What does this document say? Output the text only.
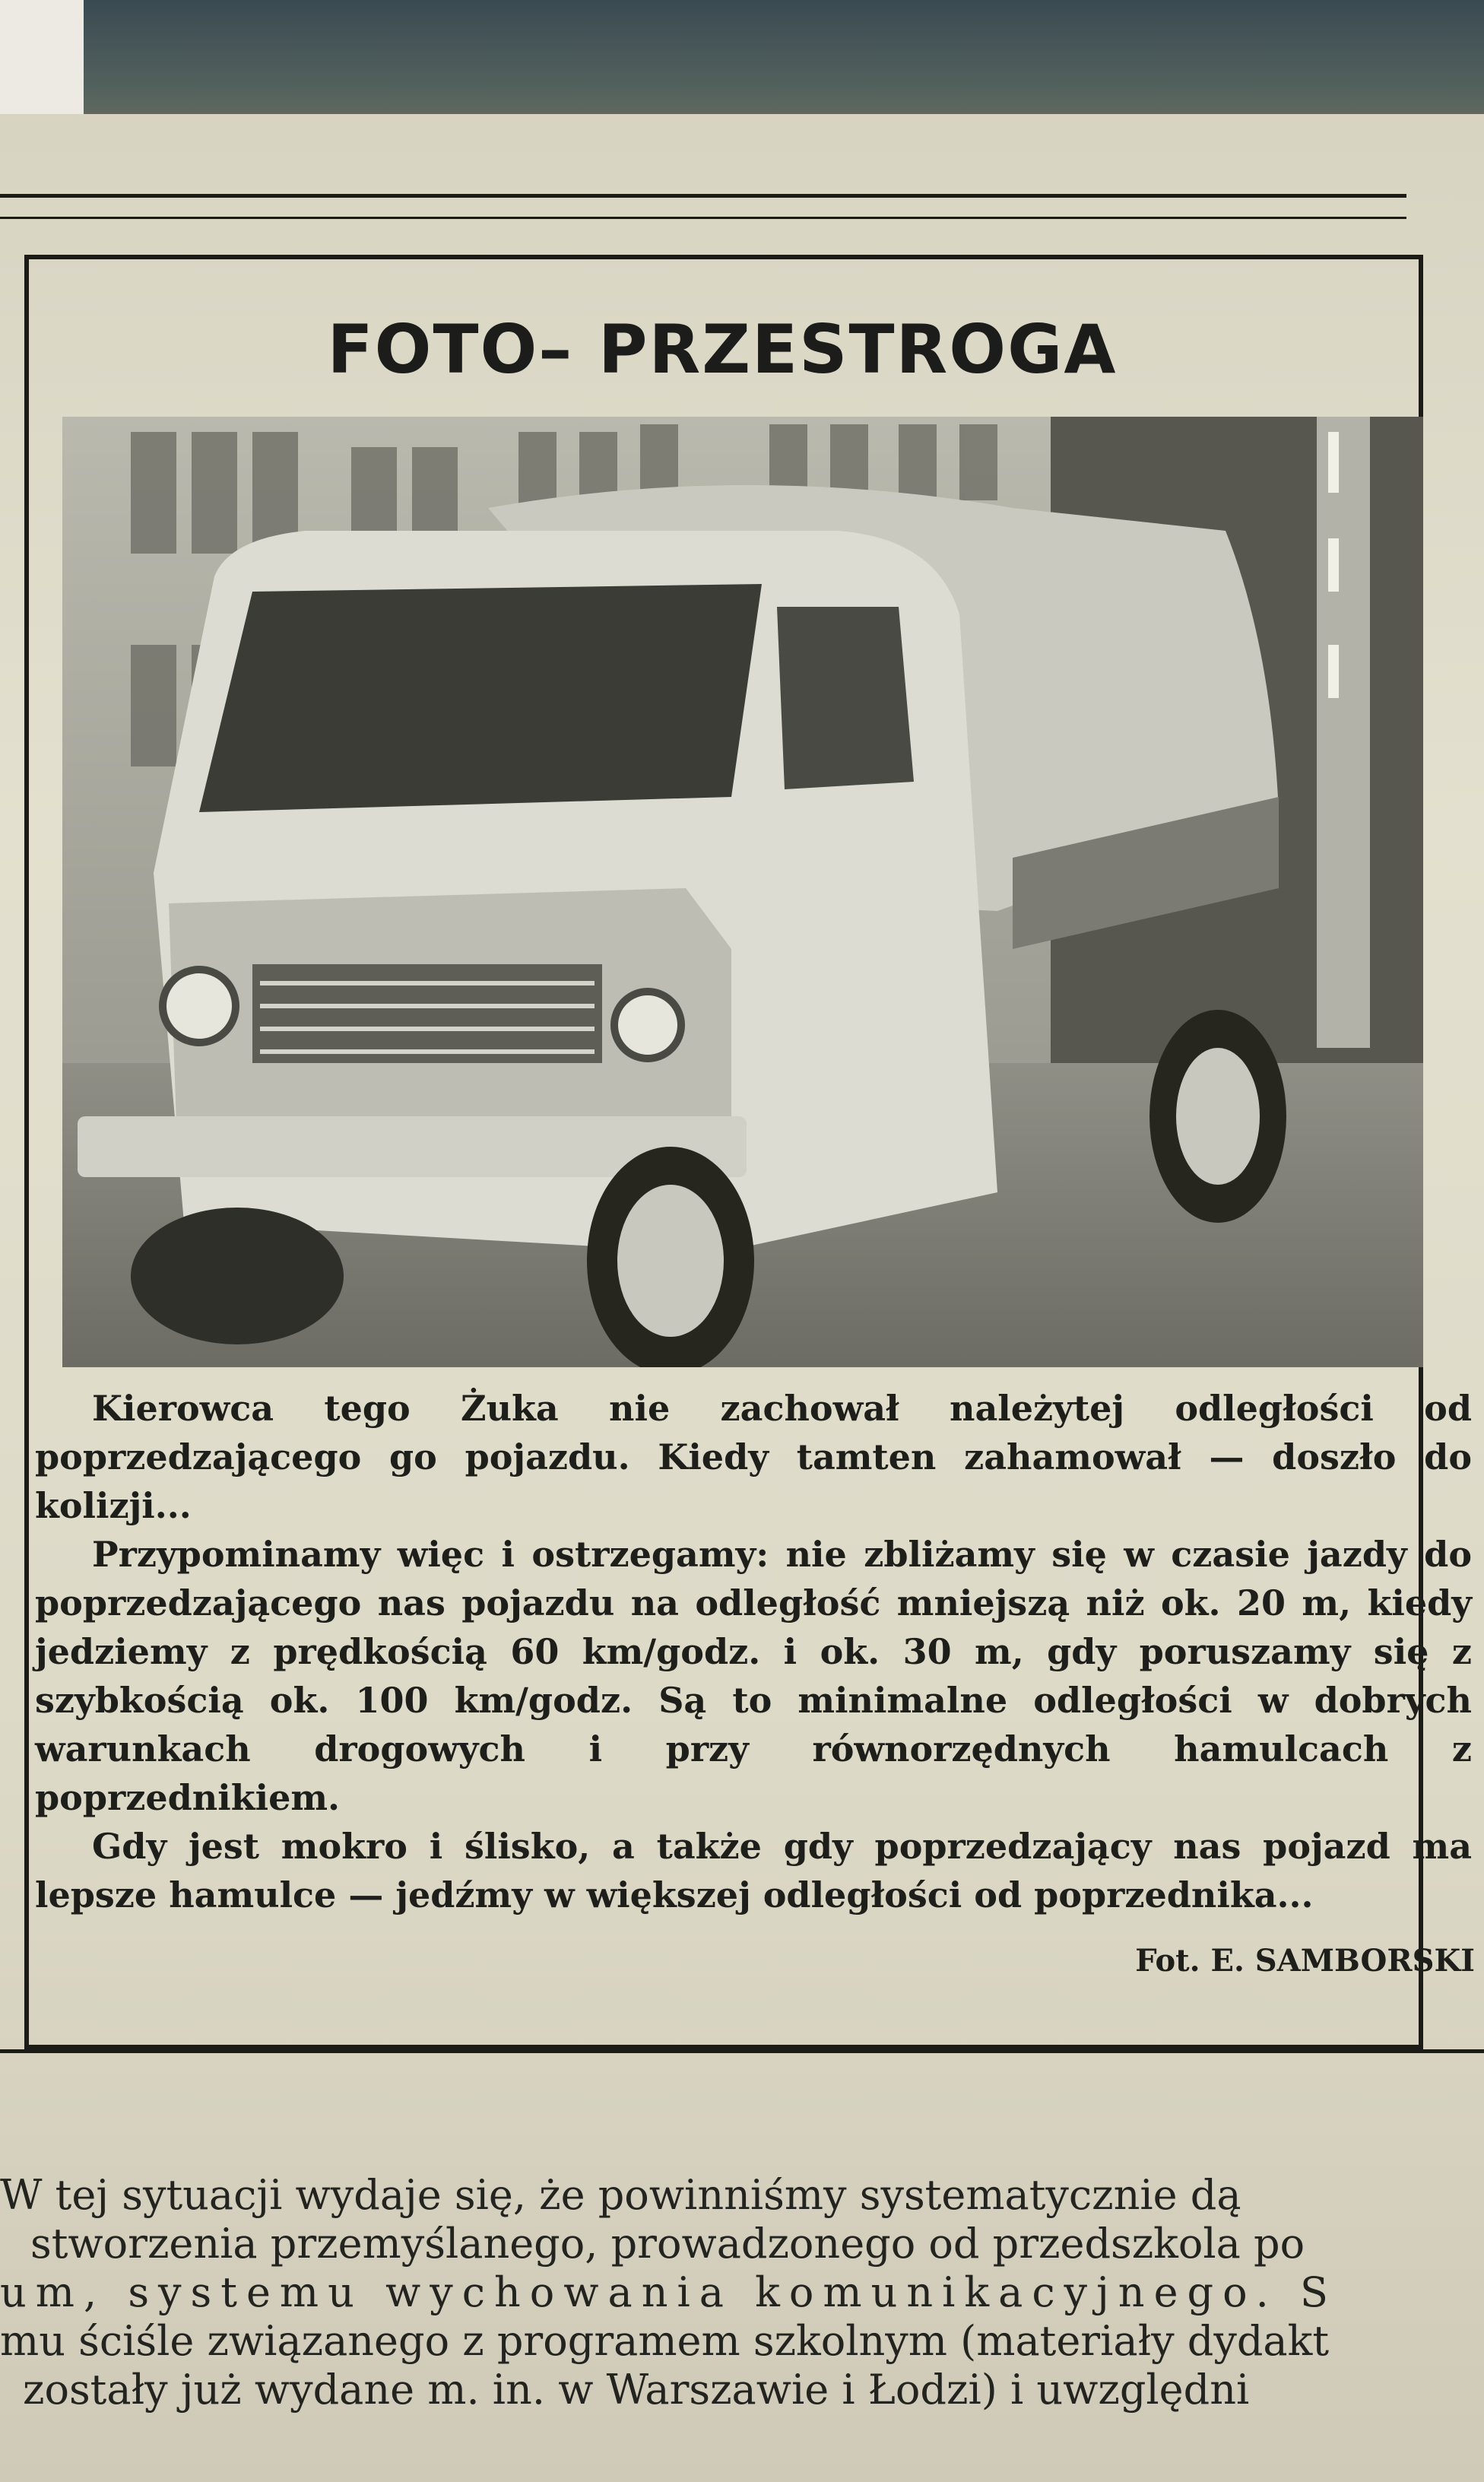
FOTO– PRZESTROGA

Kierowca tego Żuka nie zachował należytej odległości od poprzedzającego go pojazdu. Kiedy tamten zahamował — doszło do kolizji...

Przypominamy więc i ostrzegamy: nie zbliżamy się w czasie jazdy do poprzedzającego nas pojazdu na odległość mniejszą niż ok. 20 m, kiedy jedziemy z prędkością 60 km/godz. i ok. 30 m, gdy poruszamy się z szybkością ok. 100 km/godz. Są to minimalne odległości w dobrych warunkach drogowych i przy równorzędnych hamulcach z poprzednikiem.

Gdy jest mokro i ślisko, a także gdy poprzedzający nas pojazd ma lepsze hamulce — jedźmy w większej odległości od poprzednika...

Fot. E. SAMBORSKI
W tej sytuacji wydaje się, że powinniśmy systematycznie dą
stworzenia przemyślanego, prowadzonego od przedszkola po
um, systemu wychowania komunikacyjnego. S
mu ściśle związanego z programem szkolnym (materiały dydakt
zostały już wydane m. in. w Warszawie i Łodzi) i uwzględni
